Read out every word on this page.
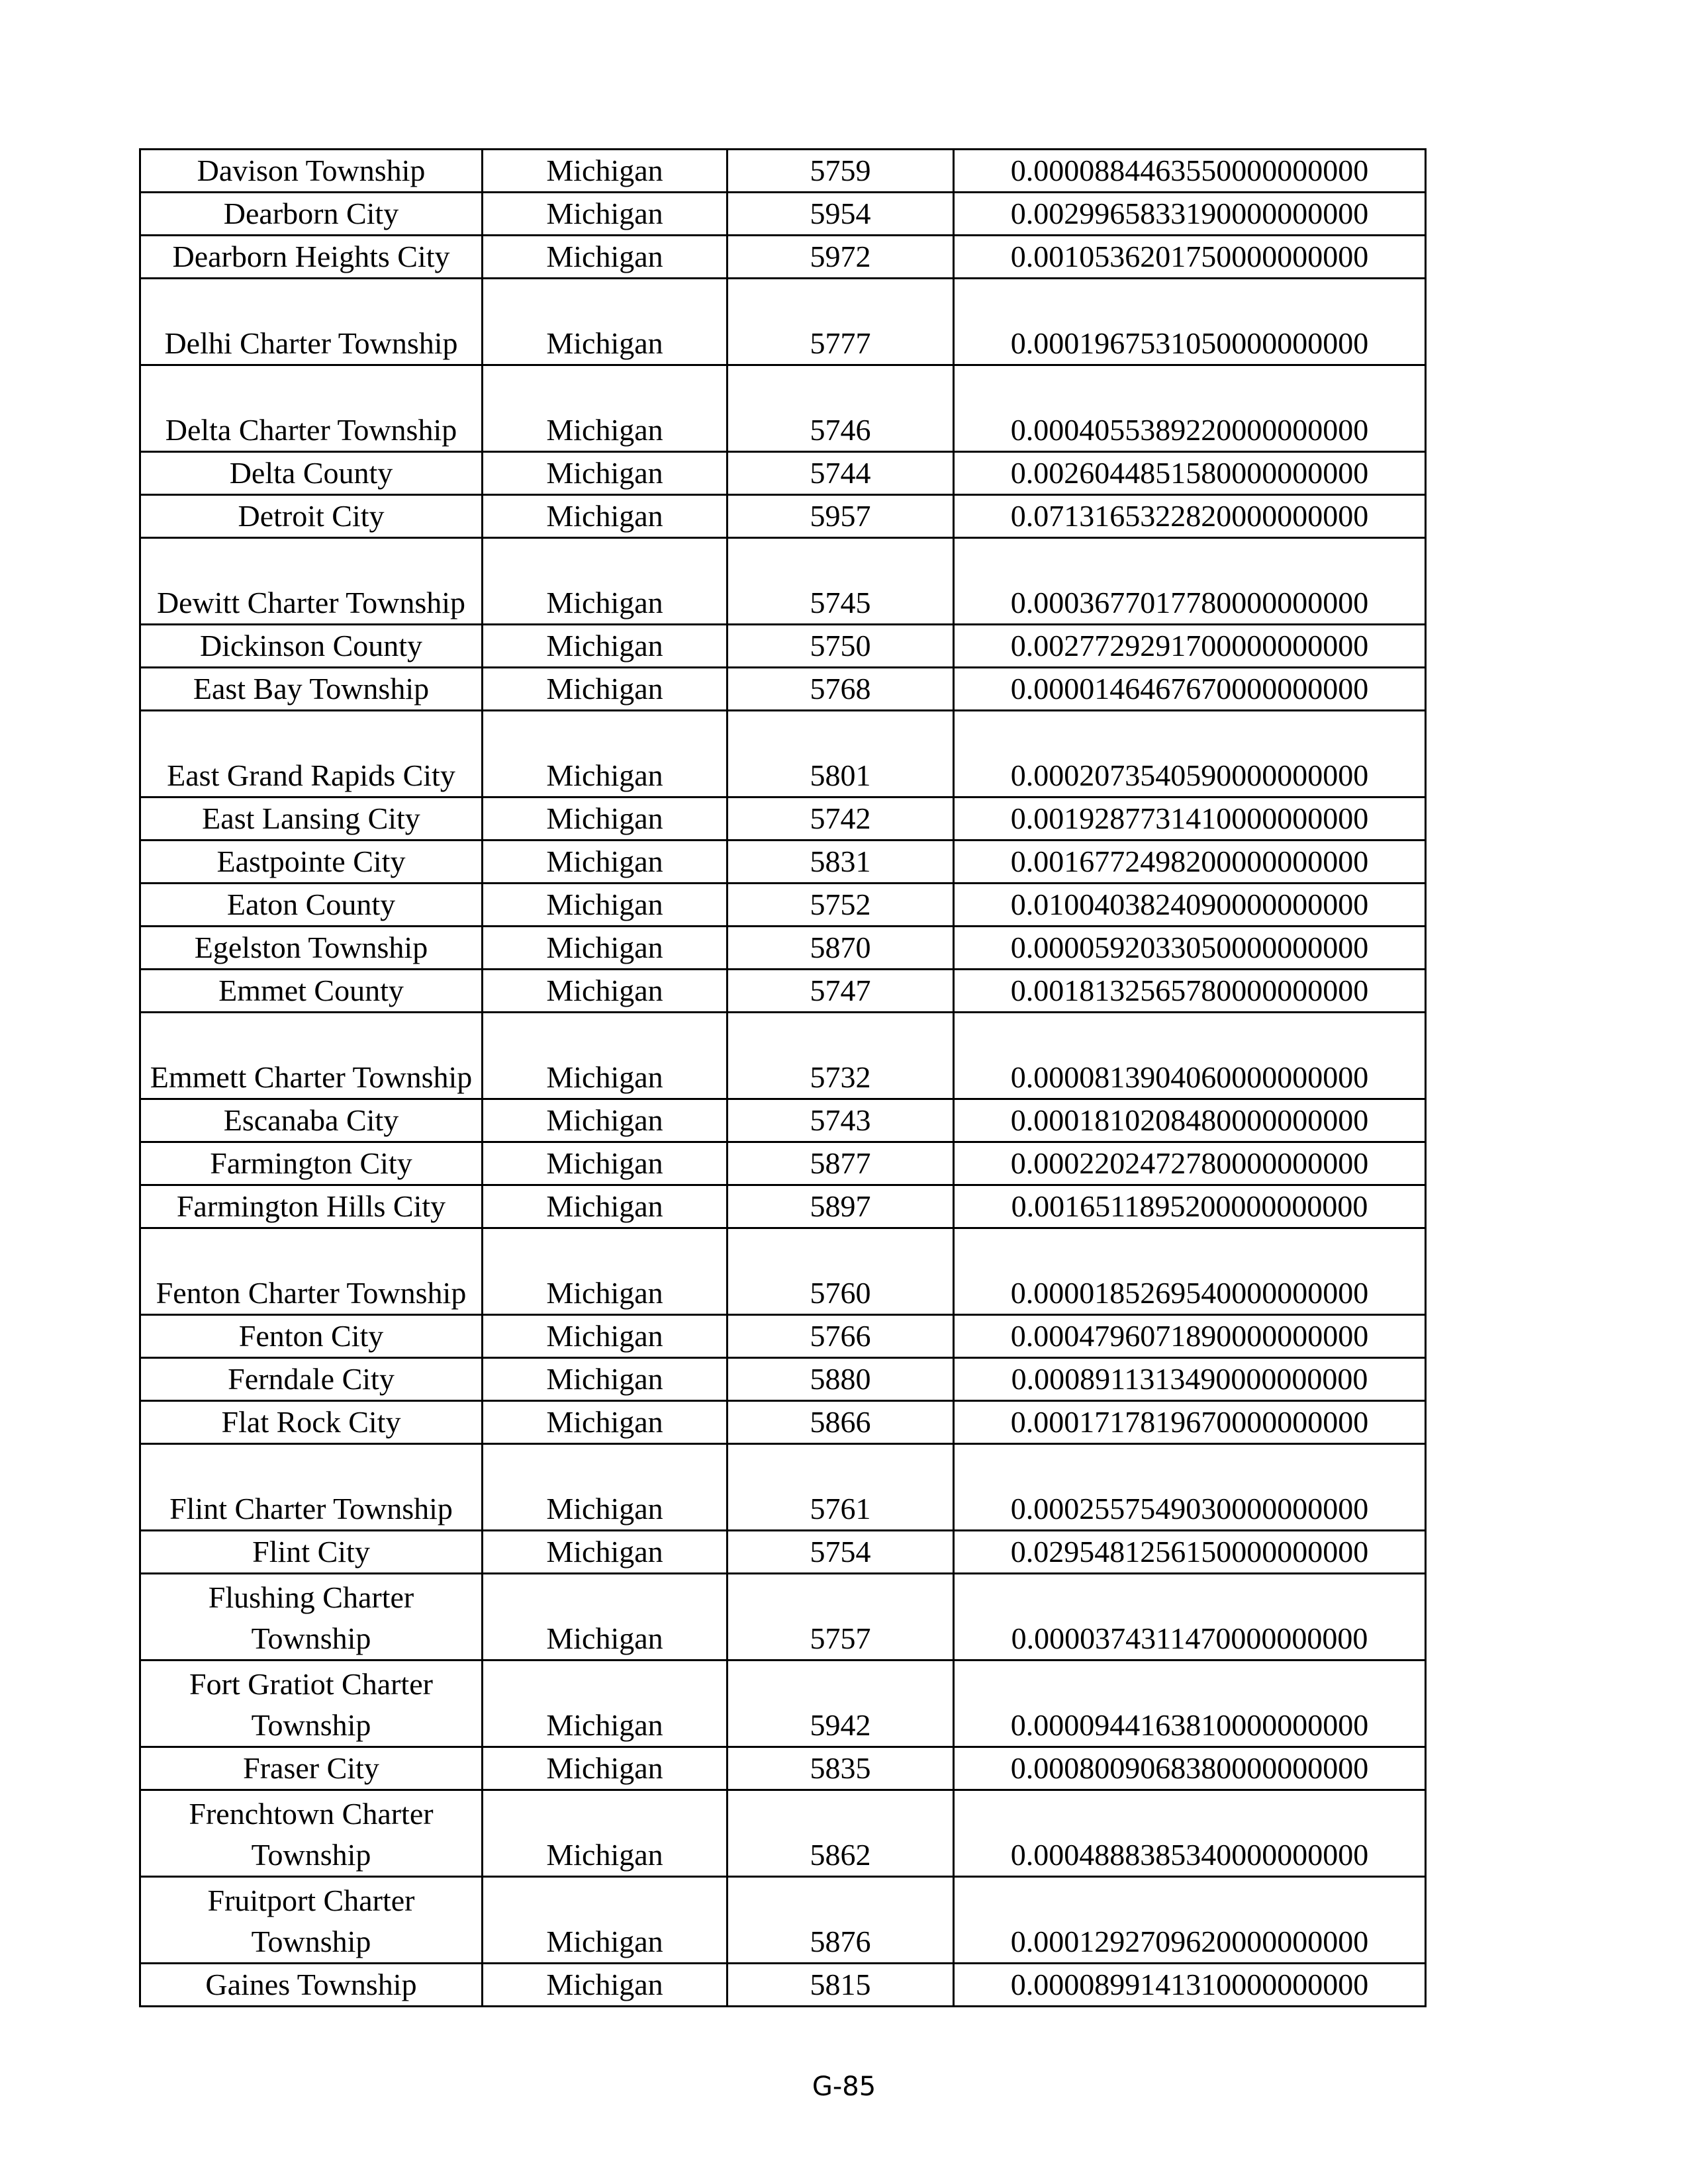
Davison Township	Michigan	5759	0.0000884463550000000000
Dearborn City	Michigan	5954	0.0029965833190000000000
Dearborn Heights City	Michigan	5972	0.0010536201750000000000
Delhi Charter Township	Michigan	5777	0.0001967531050000000000
Delta Charter Township	Michigan	5746	0.0004055389220000000000
Delta County	Michigan	5744	0.0026044851580000000000
Detroit City	Michigan	5957	0.0713165322820000000000
Dewitt Charter Township	Michigan	5745	0.0003677017780000000000
Dickinson County	Michigan	5750	0.0027729291700000000000
East Bay Township	Michigan	5768	0.0000146467670000000000
East Grand Rapids City	Michigan	5801	0.0002073540590000000000
East Lansing City	Michigan	5742	0.0019287731410000000000
Eastpointe City	Michigan	5831	0.0016772498200000000000
Eaton County	Michigan	5752	0.0100403824090000000000
Egelston Township	Michigan	5870	0.0000592033050000000000
Emmet County	Michigan	5747	0.0018132565780000000000
Emmett Charter Township	Michigan	5732	0.0000813904060000000000
Escanaba City	Michigan	5743	0.0001810208480000000000
Farmington City	Michigan	5877	0.0002202472780000000000
Farmington Hills City	Michigan	5897	0.0016511895200000000000
Fenton Charter Township	Michigan	5760	0.0000185269540000000000
Fenton City	Michigan	5766	0.0004796071890000000000
Ferndale City	Michigan	5880	0.0008911313490000000000
Flat Rock City	Michigan	5866	0.0001717819670000000000
Flint Charter Township	Michigan	5761	0.0002557549030000000000
Flint City	Michigan	5754	0.0295481256150000000000
Flushing Charter Township	Michigan	5757	0.0000374311470000000000
Fort Gratiot Charter Township	Michigan	5942	0.0000944163810000000000
Fraser City	Michigan	5835	0.0008009068380000000000
Frenchtown Charter Township	Michigan	5862	0.0004888385340000000000
Fruitport Charter Township	Michigan	5876	0.0001292709620000000000
Gaines Township	Michigan	5815	0.0000899141310000000000
G-85
